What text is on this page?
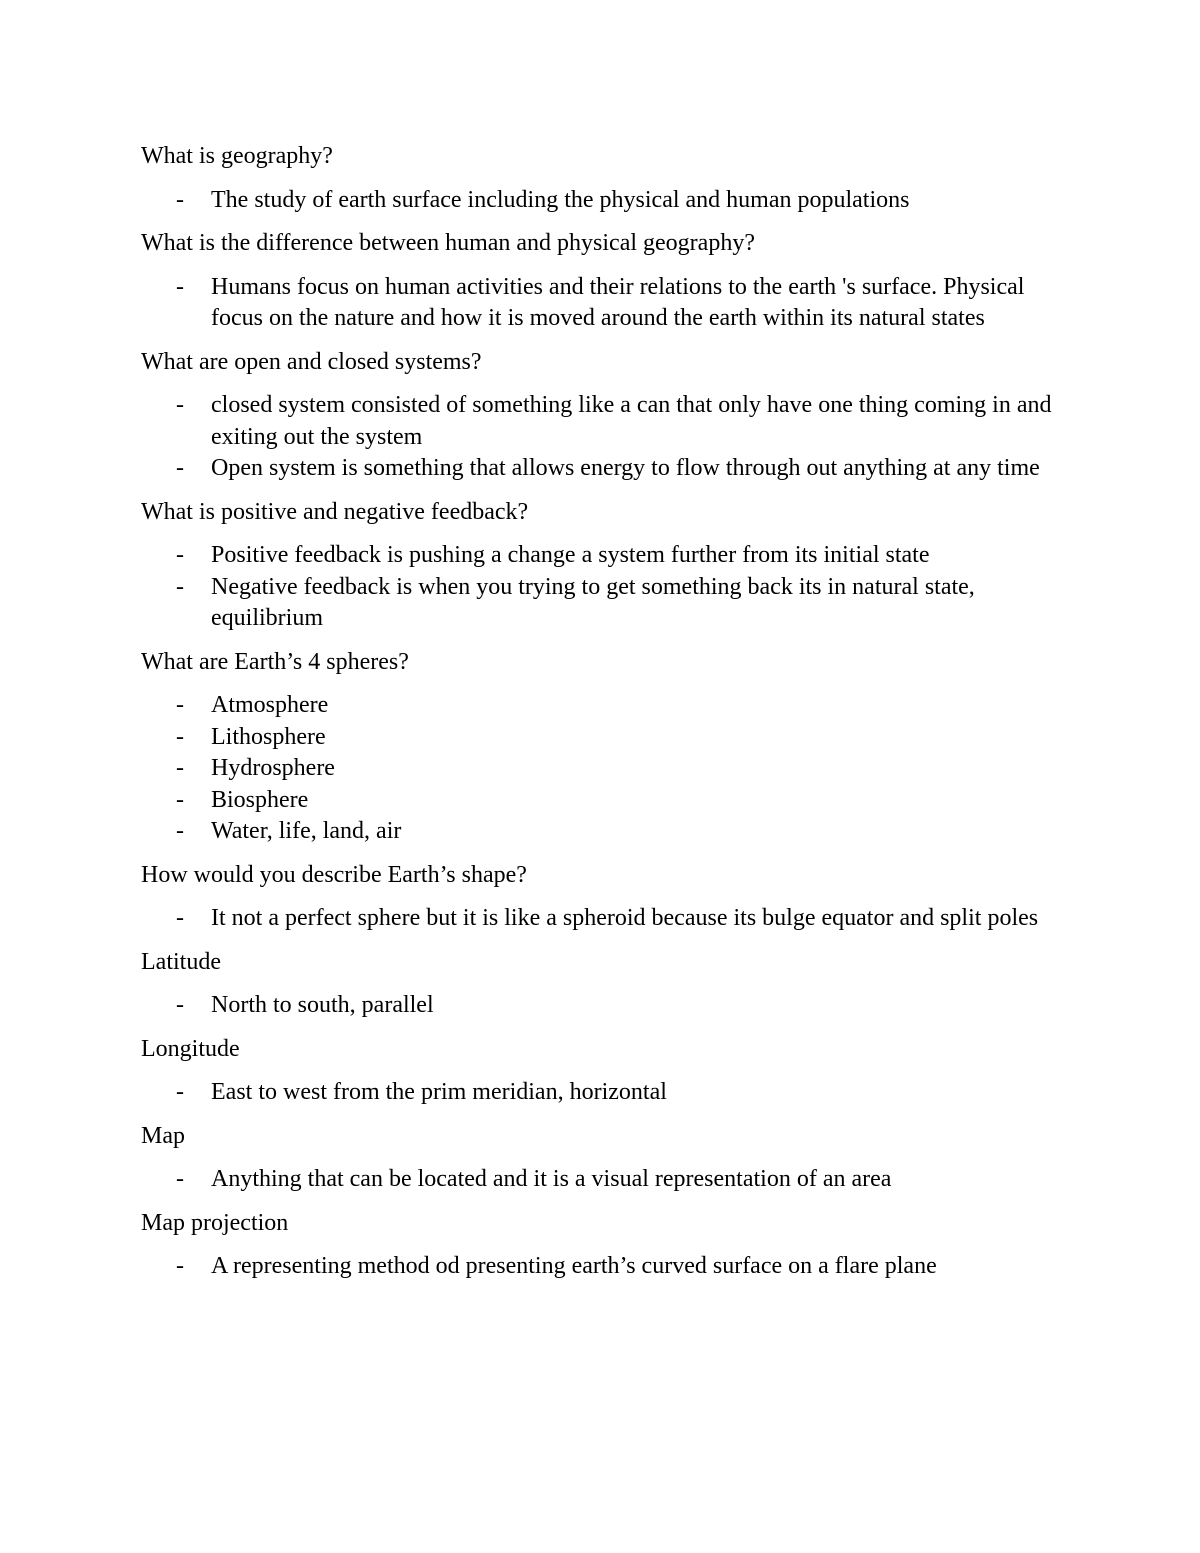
What is geography?

- The study of earth surface including the physical and human populations

What is the difference between human and physical geography?

- Humans focus on human activities and their relations to the earth 's surface. Physical focus on the nature and how it is moved around the earth within its natural states

What are open and closed systems?

- closed system consisted of something like a can that only have one thing coming in and exiting out the system
- Open system is something that allows energy to flow through out anything at any time

What is positive and negative feedback?

- Positive feedback is pushing a change a system further from its initial state
- Negative feedback is when you trying to get something back its in natural state, equilibrium

What are Earth’s 4 spheres?

- Atmosphere
- Lithosphere
- Hydrosphere
- Biosphere
- Water, life, land, air

How would you describe Earth’s shape?

- It not a perfect sphere but it is like a spheroid because its bulge equator and split poles

Latitude

- North to south, parallel

Longitude

- East to west from the prim meridian, horizontal

Map

- Anything that can be located and it is a visual representation of an area

Map projection

- A representing method od presenting earth’s curved surface on a flare plane
